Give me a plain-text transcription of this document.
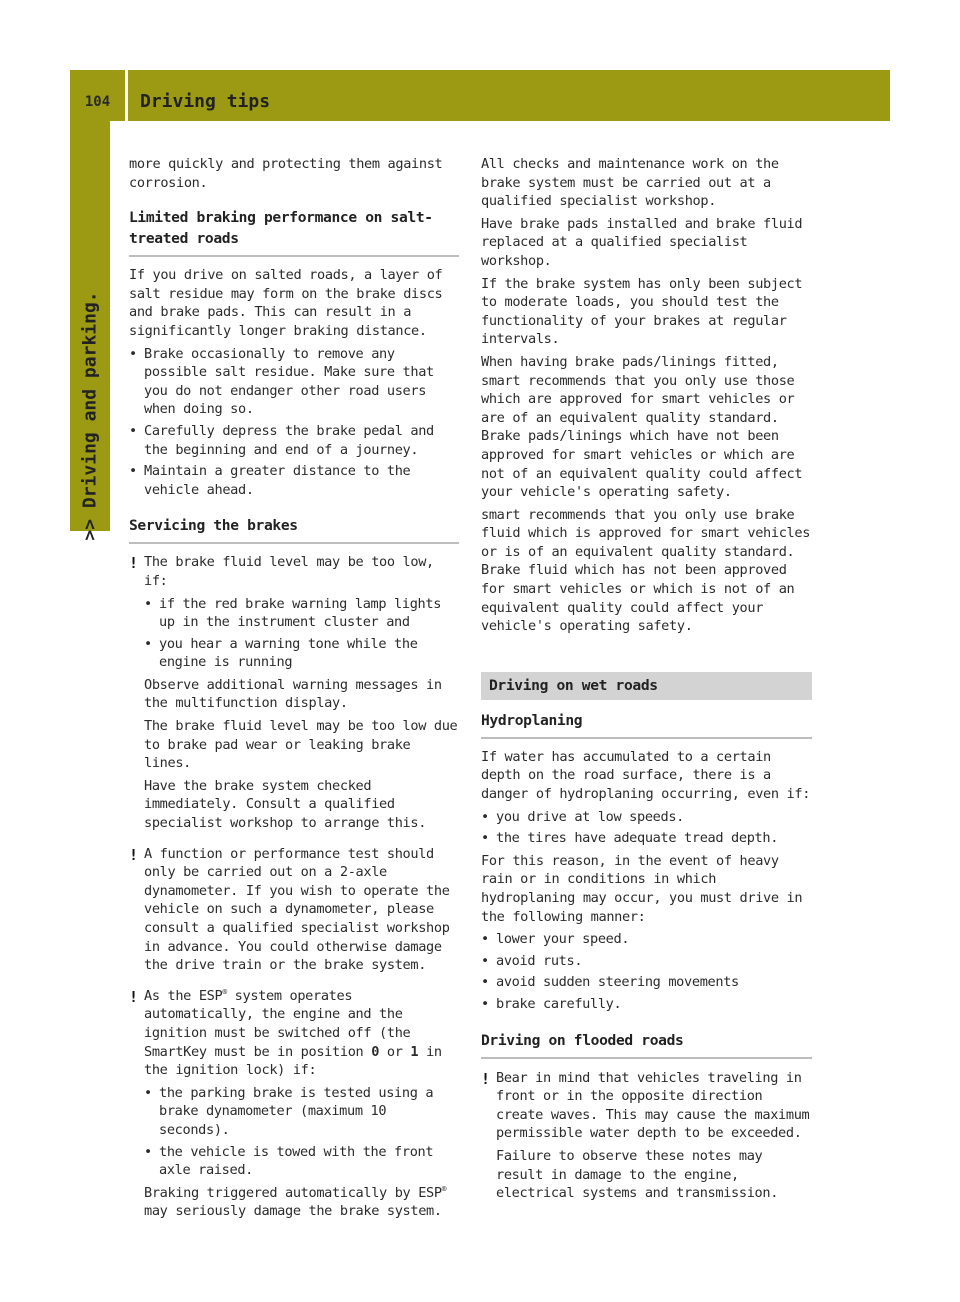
104	Driving tips
>> Driving and parking.

more quickly and protecting them against corrosion.

Limited braking performance on salt-treated roads

If you drive on salted roads, a layer of salt residue may form on the brake discs and brake pads. This can result in a significantly longer braking distance.

• Brake occasionally to remove any possible salt residue. Make sure that you do not endanger other road users when doing so.
• Carefully depress the brake pedal and the beginning and end of a journey.
• Maintain a greater distance to the vehicle ahead.
Servicing the brakes
! The brake fluid level may be too low, if:

• if the red brake warning lamp lights up in the instrument cluster and
• you hear a warning tone while the engine is running

Observe additional warning messages in the multifunction display.

The brake fluid level may be too low due to brake pad wear or leaking brake lines.

Have the brake system checked immediately. Consult a qualified specialist workshop to arrange this.

! A function or performance test should only be carried out on a 2-axle dynamometer. If you wish to operate the vehicle on such a dynamometer, please consult a qualified specialist workshop in advance. You could otherwise damage the drive train or the brake system.

! As the ESP® system operates automatically, the engine and the ignition must be switched off (the SmartKey must be in position 0 or 1 in the ignition lock) if:

• the parking brake is tested using a brake dynamometer (maximum 10 seconds).
• the vehicle is towed with the front axle raised.

Braking triggered automatically by ESP® may seriously damage the brake system.

All checks and maintenance work on the brake system must be carried out at a qualified specialist workshop.

Have brake pads installed and brake fluid replaced at a qualified specialist workshop.

If the brake system has only been subject to moderate loads, you should test the functionality of your brakes at regular intervals.

When having brake pads/linings fitted, smart recommends that you only use those which are approved for smart vehicles or are of an equivalent quality standard. Brake pads/linings which have not been approved for smart vehicles or which are not of an equivalent quality could affect your vehicle's operating safety.

smart recommends that you only use brake fluid which is approved for smart vehicles or is of an equivalent quality standard. Brake fluid which has not been approved for smart vehicles or which is not of an equivalent quality could affect your vehicle's operating safety.

Driving on wet roads
Hydroplaning

If water has accumulated to a certain depth on the road surface, there is a danger of hydroplaning occurring, even if:

• you drive at low speeds.
• the tires have adequate tread depth.

For this reason, in the event of heavy rain or in conditions in which hydroplaning may occur, you must drive in the following manner:

• lower your speed.
• avoid ruts.
• avoid sudden steering movements
• brake carefully.
Driving on flooded roads
! Bear in mind that vehicles traveling in front or in the opposite direction create waves. This may cause the maximum permissible water depth to be exceeded.

Failure to observe these notes may result in damage to the engine, electrical systems and transmission.
